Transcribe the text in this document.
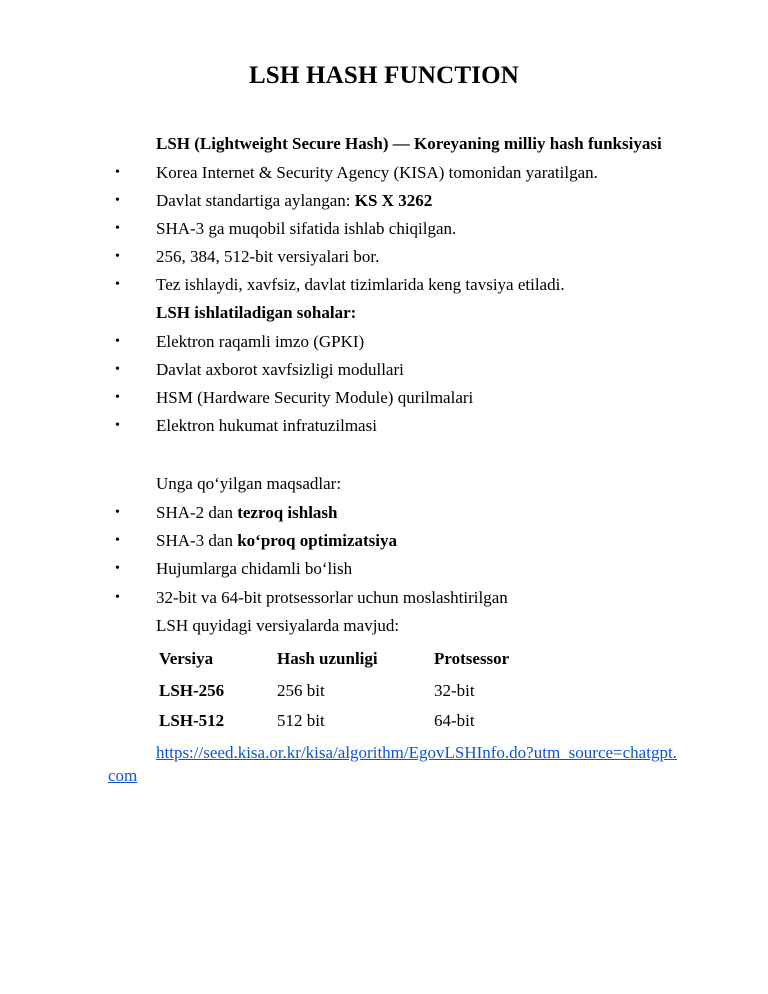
LSH HASH FUNCTION
LSH (Lightweight Secure Hash) — Koreyaning milliy hash funksiyasi
• Korea Internet & Security Agency (KISA) tomonidan yaratilgan.
• Davlat standartiga aylangan: KS X 3262
• SHA-3 ga muqobil sifatida ishlab chiqilgan.
• 256, 384, 512-bit versiyalari bor.
• Tez ishlaydi, xavfsiz, davlat tizimlarida keng tavsiya etiladi.
LSH ishlatiladigan sohalar:
• Elektron raqamli imzo (GPKI)
• Davlat axborot xavfsizligi modullari
• HSM (Hardware Security Module) qurilmalari
• Elektron hukumat infratuzilmasi
Unga qo‘yilgan maqsadlar:
• SHA-2 dan tezroq ishlash
• SHA-3 dan ko‘proq optimizatsiya
• Hujumlarga chidamli bo‘lish
• 32-bit va 64-bit protsessorlar uchun moslashtirilgan
LSH quyidagi versiyalarda mavjud:
Versiya	Hash uzunligi	Protsessor
LSH-256	256 bit	32-bit
LSH-512	512 bit	64-bit
https://seed.kisa.or.kr/kisa/algorithm/EgovLSHInfo.do?utm_source=chatgpt.
com
